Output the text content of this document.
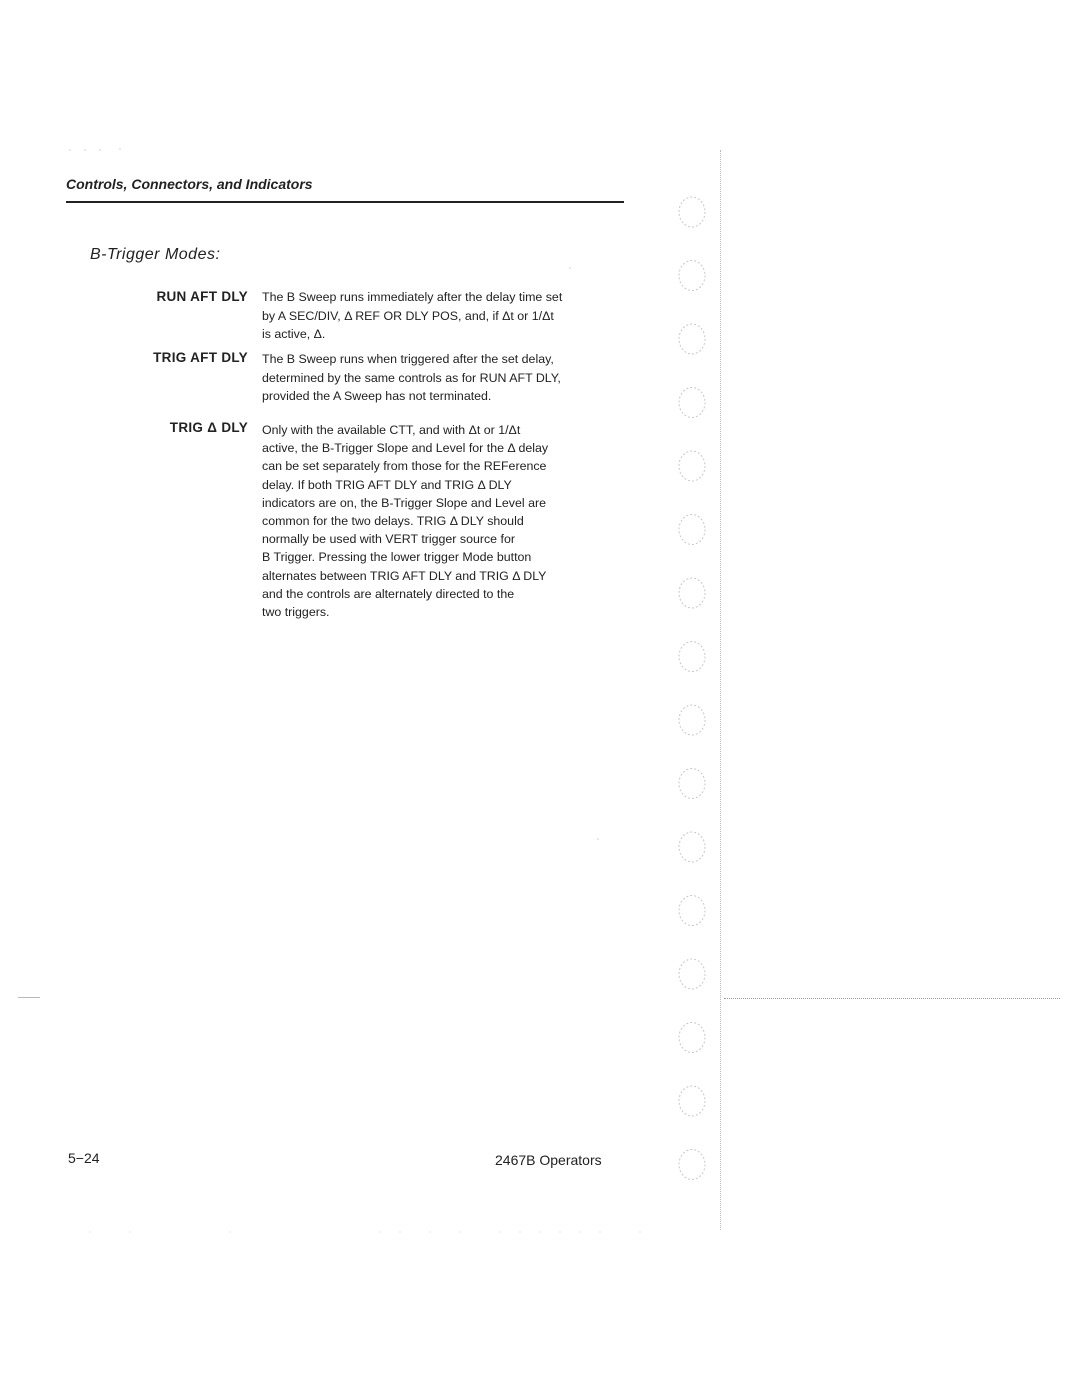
Controls, Connectors, and Indicators
B-Trigger Modes:
RUN AFT DLY The B Sweep runs immediately after the delay time set
by A SEC/DIV, Δ REF OR DLY POS, and, if Δt or 1/Δt
is active, Δ.
TRIG AFT DLY The B Sweep runs when triggered after the set delay,
determined by the same controls as for RUN AFT DLY,
provided the A Sweep has not terminated.
TRIG Δ DLY Only with the available CTT, and with Δt or 1/Δt
active, the B-Trigger Slope and Level for the Δ delay
can be set separately from those for the REFerence
delay. If both TRIG AFT DLY and TRIG Δ DLY
indicators are on, the B-Trigger Slope and Level are
common for the two delays. TRIG Δ DLY should
normally be used with VERT trigger source for
B Trigger. Pressing the lower trigger Mode button
alternates between TRIG AFT DLY and TRIG Δ DLY
and the controls are alternately directed to the
two triggers.
5−24	2467B Operators
